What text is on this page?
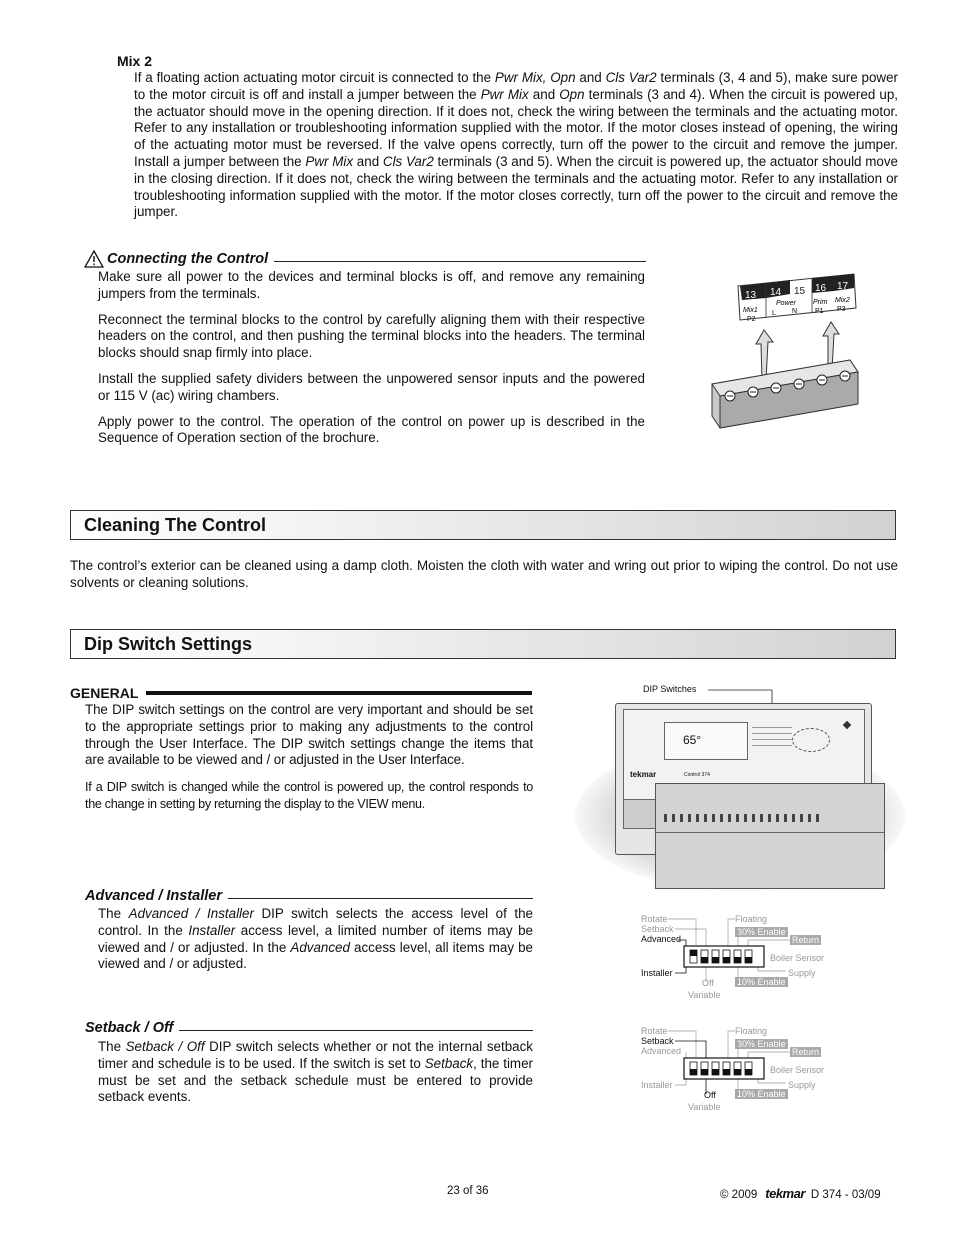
Mix 2

If a floating action actuating motor circuit is connected to the Pwr Mix, Opn and Cls Var2 terminals (3, 4 and 5), make sure power to the motor circuit is off and install a jumper between the Pwr Mix and Opn terminals (3 and 4). When the circuit is powered up, the actuator should move in the opening direction. If it does not, check the wiring between the terminals and the actuating motor. Refer to any installation or troubleshooting information supplied with the motor. If the motor closes instead of opening, the wiring of the actuating motor must be reversed. If the valve opens correctly, turn off the power to the circuit and remove the jumper. Install a jumper between the Pwr Mix and Cls Var2 terminals (3 and 5). When the circuit is powered up, the actuator should move in the closing direction. If it does not, check the wiring between the terminals and the actuating motor. Refer to any installation or troubleshooting information supplied with the motor. If the motor closes correctly, turn off the power to the circuit and remove the jumper.

Connecting the Control

Make sure all power to the devices and terminal blocks is off, and remove any remaining jumpers from the terminals.

Reconnect the terminal blocks to the control by carefully aligning them with their respective headers on the control, and then pushing the terminal blocks into the headers. The terminal blocks should snap firmly into place.

Install the supplied safety dividers between the unpowered sensor inputs and the powered or 115 V (ac) wiring chambers.

Apply power to the control. The operation of the control on power up is described in the Sequence of Operation section of the brochure.

13 14 15 16 17
Mix1
P2
Power
L N
Prim
P1
Mix2
P3
Cleaning The Control

The control’s exterior can be cleaned using a damp cloth. Moisten the cloth with water and wring out prior to wiping the control. Do not use solvents or cleaning solutions.

Dip Switch Settings
GENERAL

The DIP switch settings on the control are very important and should be set to the appropriate settings prior to making any adjustments to the control through the User Interface. The DIP switch settings change the items that are available to be viewed and / or adjusted in the User Interface.

If a DIP switch is changed while the control is powered up, the control responds to the change in setting by returning the display to the VIEW menu.

Advanced / Installer

The Advanced / Installer DIP switch selects the access level of the control. In the Installer access level, a limited number of items may be viewed and / or adjusted. In the Advanced access level, all items may be viewed and / or adjusted.

Setback / Off

The Setback / Off DIP switch selects whether or not the internal setback timer and schedule is to be used. If the switch is set to Setback, the timer must be set and the setback schedule must be entered to provide setback events.

DIP Switches
65°
tekmar	Control 374
Rotate
Setback
Advanced
Installer
Off
Variable
Floating
30% Enable
Return
Boiler Sensor
Supply
10% Enable
Rotate
Setback
Advanced
Installer
Off
Variable
Floating
30% Enable
Return
Boiler Sensor
Supply
10% Enable
23 of 36	© 2009 tekmar D 374 - 03/09
